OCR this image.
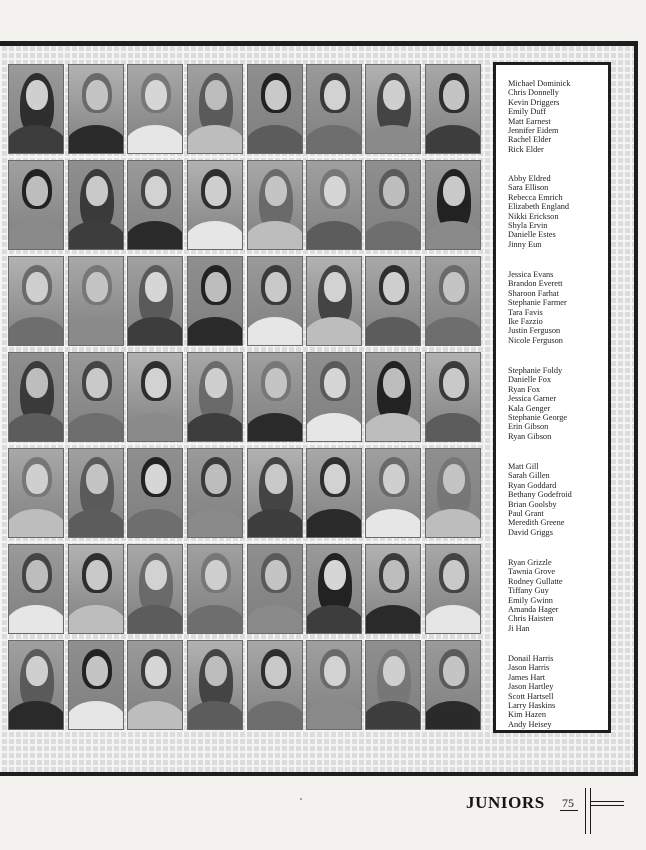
PENN STATE
Michael Dominick
Chris Donnelly
Kevin Driggers
Emily Duff
Matt Earnest
Jennifer Eidem
Rachel Elder
Rick Elder
Abby Eldred
Sara Ellison
Rebecca Emrich
Elizabeth England
Nikki Erickson
Shyla Ervin
Danielle Estes
Jinny Eun
Jessica Evans
Brandon Everett
Sharoon Farhat
Stephanie Farmer
Tara Favis
Ike Fazzio
Justin Ferguson
Nicole Ferguson
Stephanie Foldy
Danielle Fox
Ryan Fox
Jessica Garner
Kala Genger
Stephanie George
Erin Gibson
Ryan Gibson
Matt Gill
Sarah Gillen
Ryan Goddard
Bethany Godefroid
Brian Goolsby
Paul Grant
Meredith Greene
David Griggs
Ryan Grizzle
Tawnia Grove
Rodney Gullatte
Tiffany Guy
Emily Gwinn
Amanda Hager
Chris Haisten
Ji Han
Donail Harris
Jason Harris
James Hart
Jason Hartley
Scott Hartsell
Larry Haskins
Kim Hazen
Andy Heisey
JUNIORS 75
